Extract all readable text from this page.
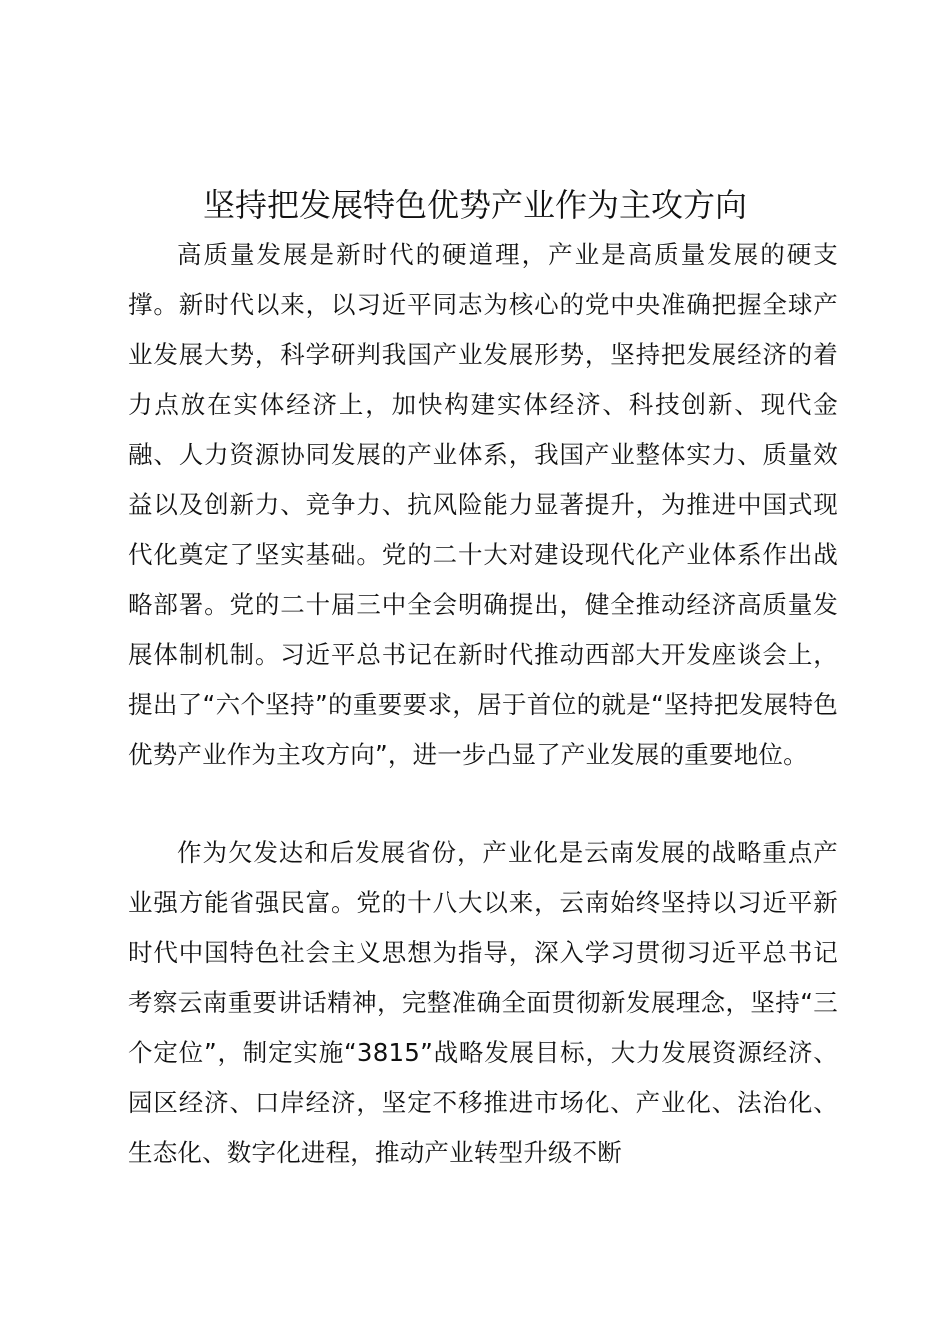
坚持把发展特色优势产业作为主攻方向

高质量发展是新时代的硬道理，产业是高质量发展的硬支撑。新时代以来，以习近平同志为核心的党中央准确把握全球产业发展大势，科学研判我国产业发展形势，坚持把发展经济的着力点放在实体经济上，加快构建实体经济、科技创新、现代金融、人力资源协同发展的产业体系，我国产业整体实力、质量效益以及创新力、竞争力、抗风险能力显著提升，为推进中国式现代化奠定了坚实基础。党的二十大对建设现代化产业体系作出战略部署。党的二十届三中全会明确提出，健全推动经济高质量发展体制机制。习近平总书记在新时代推动西部大开发座谈会上，提出了“六个坚持”的重要要求，居于首位的就是“坚持把发展特色优势产业作为主攻方向”，进一步凸显了产业发展的重要地位。

作为欠发达和后发展省份，产业化是云南发展的战略重点产业强方能省强民富。党的十八大以来，云南始终坚持以习近平新时代中国特色社会主义思想为指导，深入学习贯彻习近平总书记考察云南重要讲话精神，完整准确全面贯彻新发展理念，坚持“三个定位”，制定实施“3815”战略发展目标，大力发展资源经济、园区经济、口岸经济，坚定不移推进市场化、产业化、法治化、生态化、数字化进程，推动产业转型升级不断
